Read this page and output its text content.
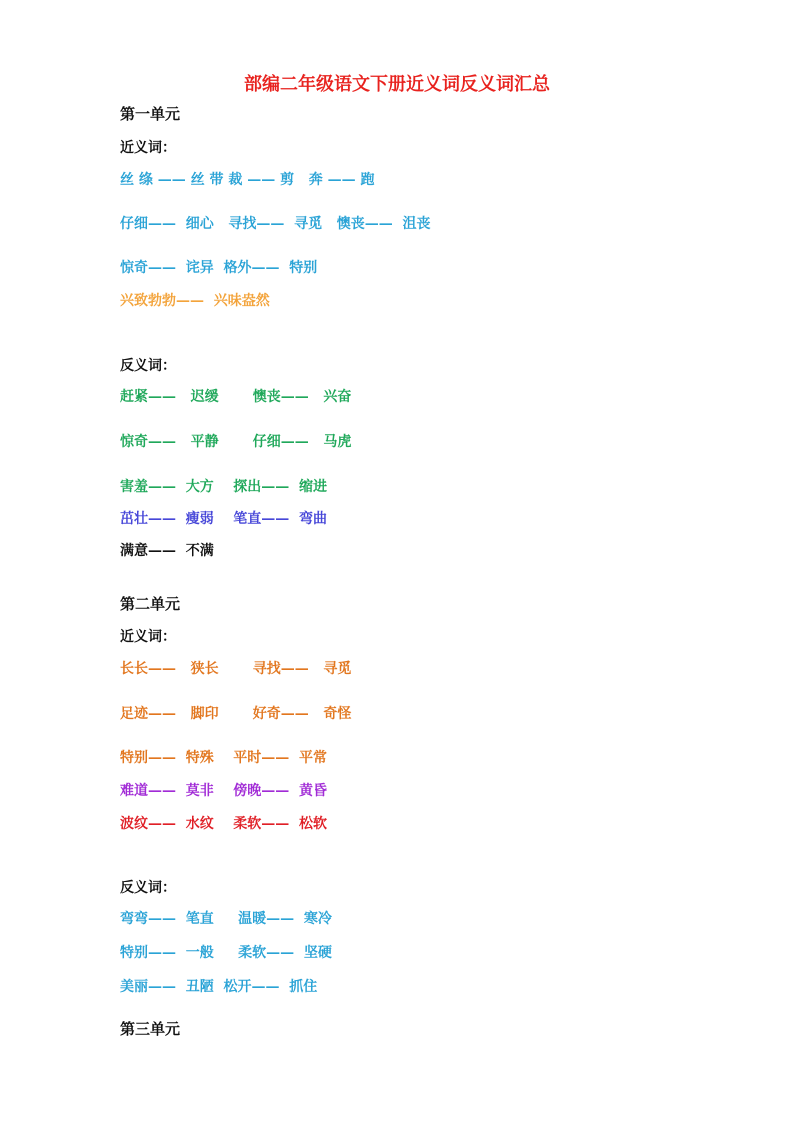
部编二年级语文下册近义词反义词汇总
第一单元
近义词：
丝 绦 —— 丝 带 裁 —— 剪   奔 —— 跑
仔细——  细心   寻找——  寻觅   懊丧——  沮丧
惊奇——  诧异  格外——  特别
兴致勃勃——  兴味盎然
反义词：
赶紧——   迟缓       懊丧——   兴奋
惊奇——   平静       仔细——   马虎
害羞——  大方    探出——  缩进
茁壮——  瘦弱    笔直——  弯曲
满意——  不满
第二单元
近义词：
长长——   狭长       寻找——   寻觅
足迹——   脚印       好奇——   奇怪
特别——  特殊    平时——  平常
难道——  莫非    傍晚——  黄昏
波纹——  水纹    柔软——  松软
反义词：
弯弯——  笔直     温暖——  寒冷
特别——  一般     柔软——  坚硬
美丽——  丑陋  松开——  抓住
第三单元
